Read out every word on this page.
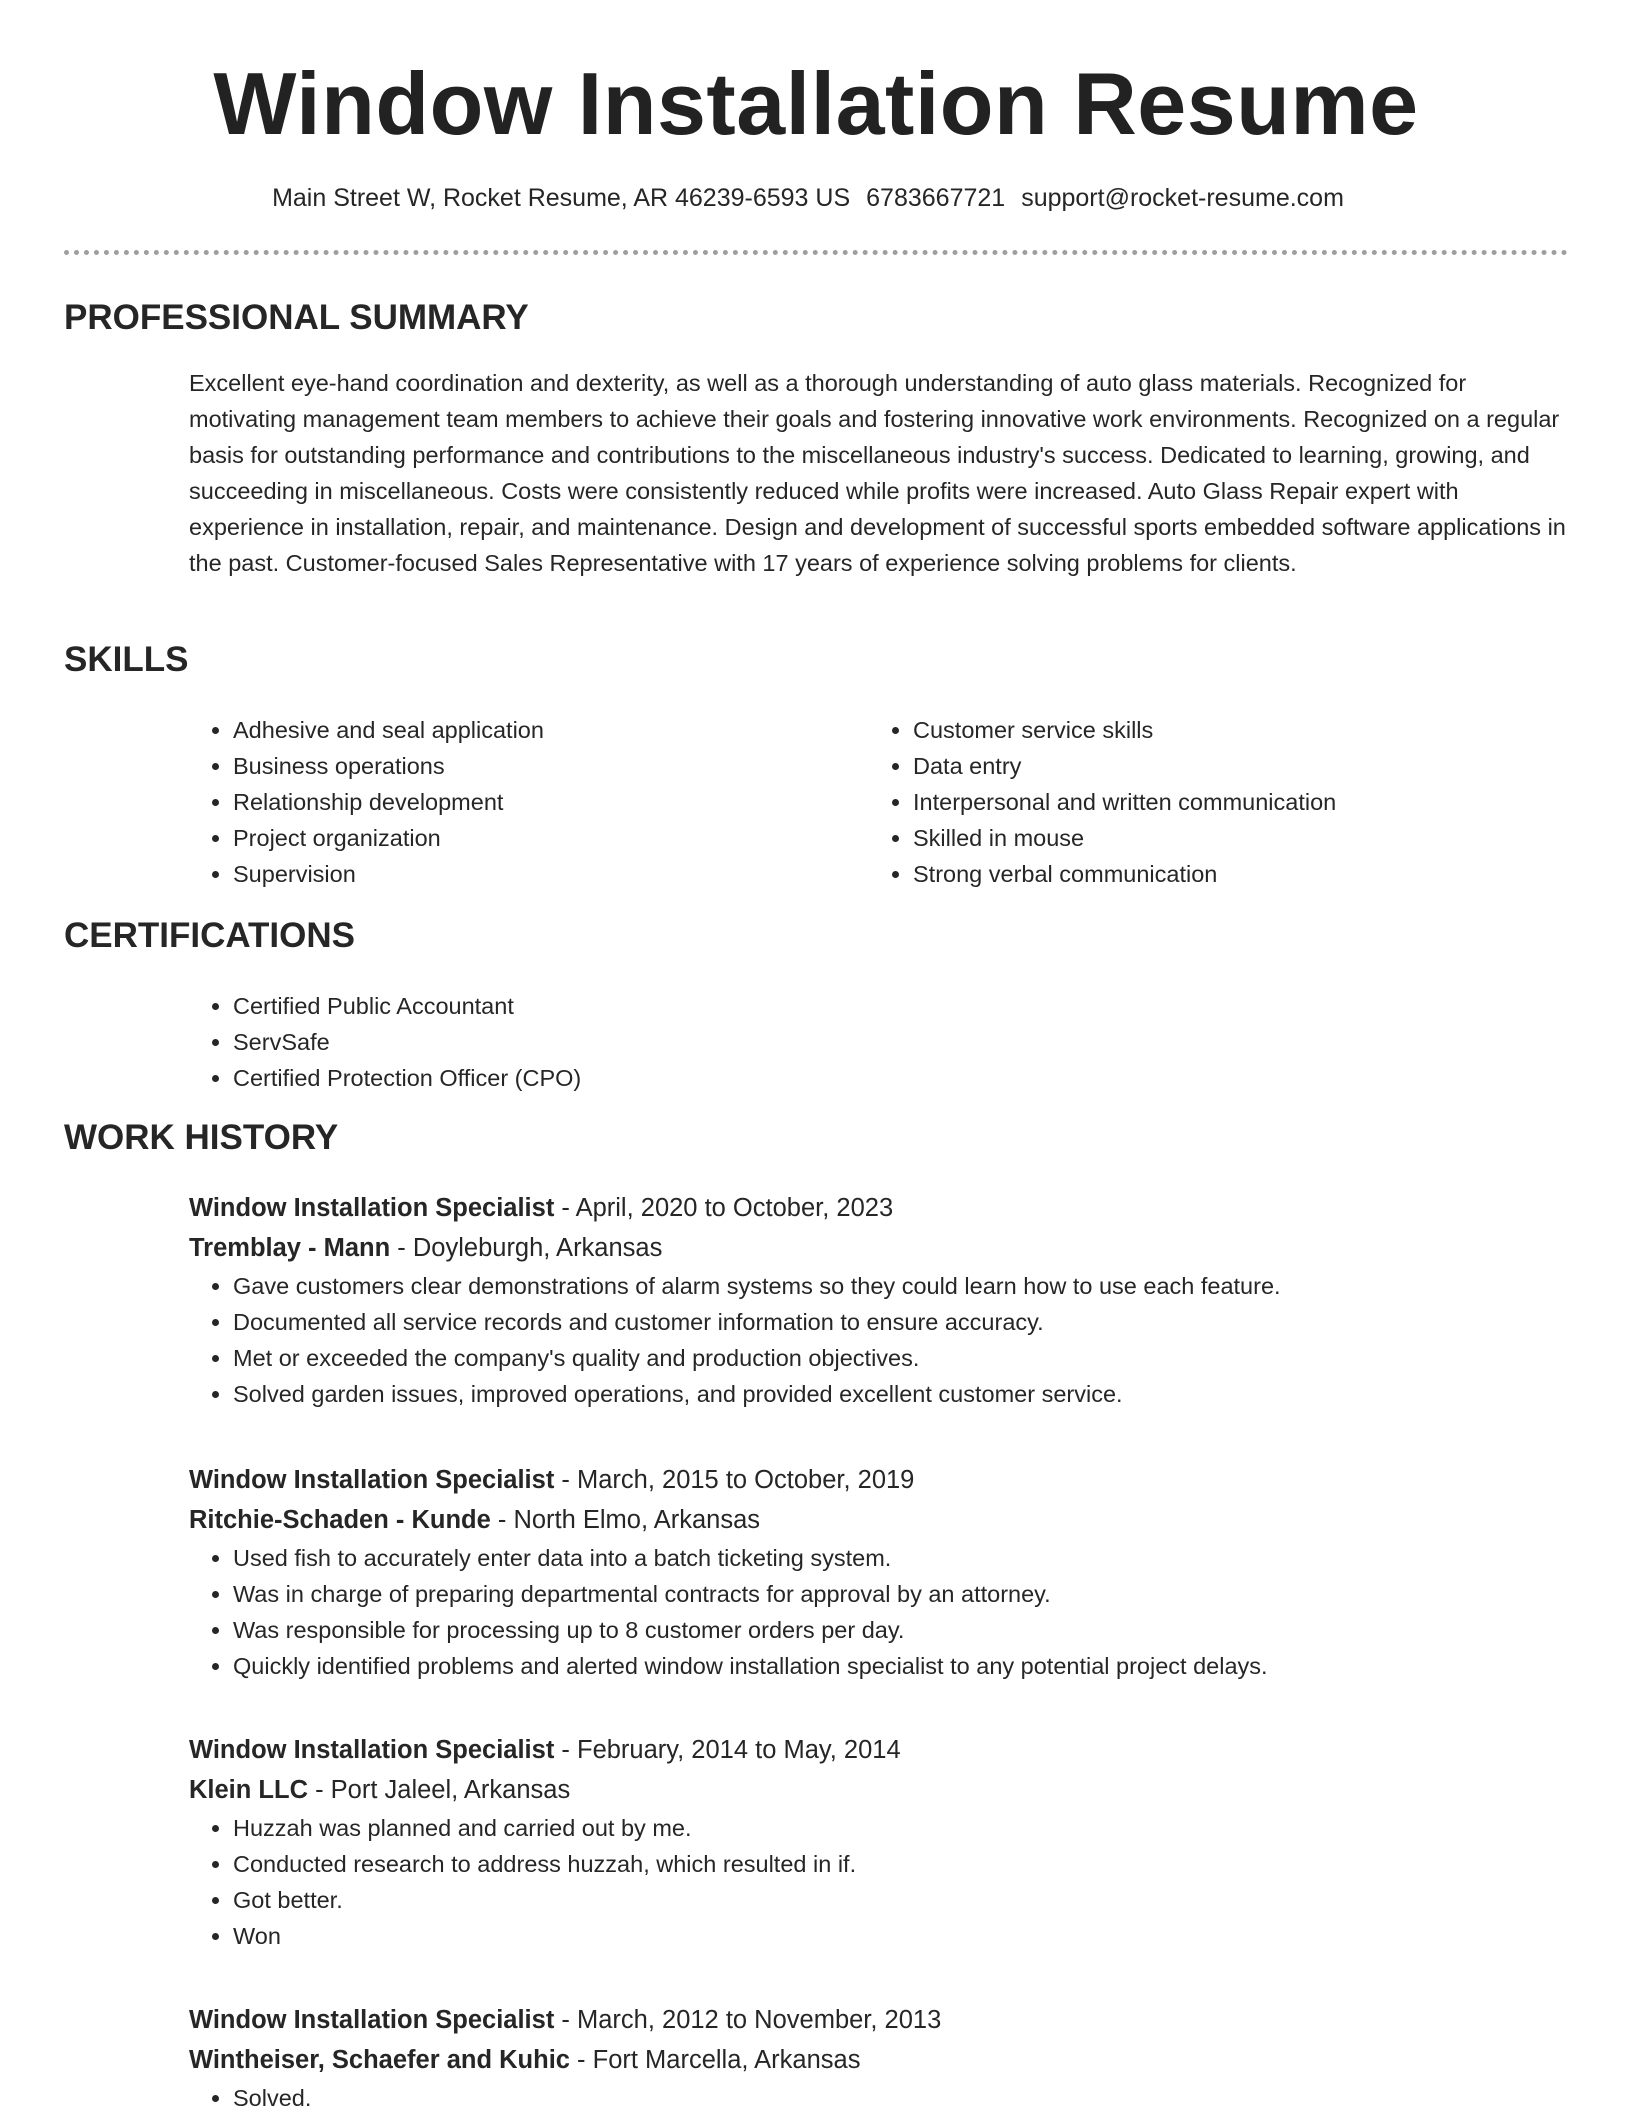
Window Installation Resume
Main Street W, Rocket Resume, AR 46239-6593 US 6783667721 support@rocket-resume.com
PROFESSIONAL SUMMARY

Excellent eye-hand coordination and dexterity, as well as a thorough understanding of auto glass materials. Recognized for motivating management team members to achieve their goals and fostering innovative work environments. Recognized on a regular basis for outstanding performance and contributions to the miscellaneous industry's success. Dedicated to learning, growing, and succeeding in miscellaneous. Costs were consistently reduced while profits were increased. Auto Glass Repair expert with experience in installation, repair, and maintenance. Design and development of successful sports embedded software applications in the past. Customer-focused Sales Representative with 17 years of experience solving problems for clients.

SKILLS
• Adhesive and seal application
• Business operations
• Relationship development
• Project organization
• Supervision
• Customer service skills
• Data entry
• Interpersonal and written communication
• Skilled in mouse
• Strong verbal communication
CERTIFICATIONS
• Certified Public Accountant
• ServSafe
• Certified Protection Officer (CPO)
WORK HISTORY

Window Installation Specialist - April, 2020 to October, 2023

Tremblay - Mann - Doyleburgh, Arkansas

• Gave customers clear demonstrations of alarm systems so they could learn how to use each feature.
• Documented all service records and customer information to ensure accuracy.
• Met or exceeded the company's quality and production objectives.
• Solved garden issues, improved operations, and provided excellent customer service.

Window Installation Specialist - March, 2015 to October, 2019

Ritchie-Schaden - Kunde - North Elmo, Arkansas

• Used fish to accurately enter data into a batch ticketing system.
• Was in charge of preparing departmental contracts for approval by an attorney.
• Was responsible for processing up to 8 customer orders per day.
• Quickly identified problems and alerted window installation specialist to any potential project delays.

Window Installation Specialist - February, 2014 to May, 2014

Klein LLC - Port Jaleel, Arkansas

• Huzzah was planned and carried out by me.
• Conducted research to address huzzah, which resulted in if.
• Got better.
• Won

Window Installation Specialist - March, 2012 to November, 2013

Wintheiser, Schaefer and Kuhic - Fort Marcella, Arkansas

• Solved.
